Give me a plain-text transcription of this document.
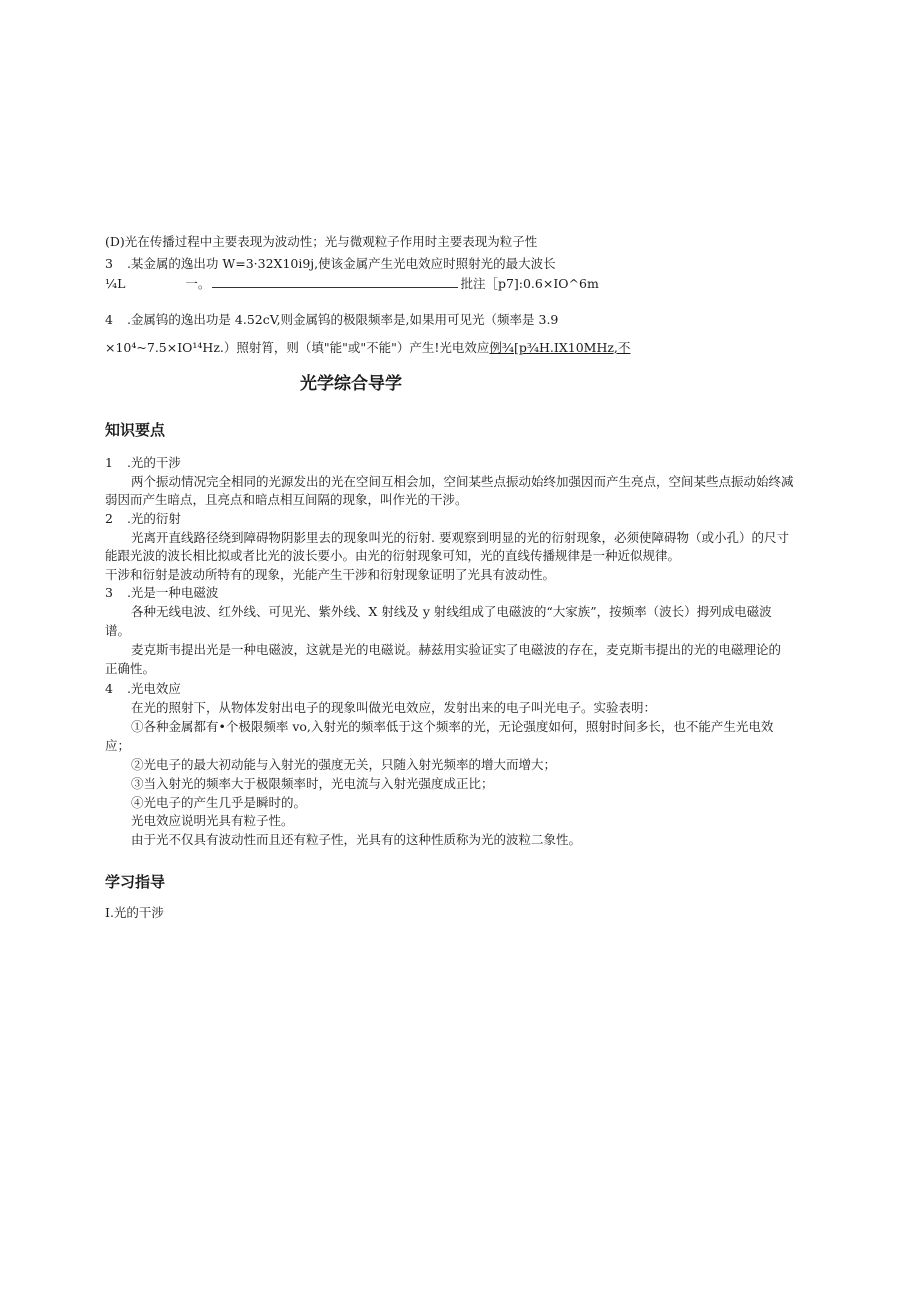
(D)光在传播过程中主要表现为波动性；光与微观粒子作用时主要表现为粒子性
3 .某金属的逸出功 W=3·32X10i9j,使该金属产生光电效应时照射光的最大波长
¼L	一。	批注［p7]:0.6×IO^6m
4 .金属钨的逸出功是 4.52cV,则金属钨的极限频率是,如果用可见光（频率是 3.9
×10⁴~7.5×IO¹⁴Hz.）照射筲，则（填"能"或"不能"）产生!光电效应例¾[p¾H.IX10MHz,不
光学综合导学
知识要点
1 .光的干涉
两个振动情况完全相同的光源发出的光在空间互相会加，空间某些点振动始终加强因而产生亮点，空间某些点振动始终减
弱因而产生暗点，且亮点和暗点相互间隔的现象，叫作光的干涉。
2 .光的衍射
光离开直线路径绕到障碍物阴影里去的现象叫光的衍射. 要观察到明显的光的衍射现象，必须使障碍物（或小孔）的尺寸
能跟光波的波长相比拟或者比光的波长要小。由光的衍射现象可知，光的直线传播规律是一种近似规律。
干涉和衍射是波动所特有的现象，光能产生干涉和衍射现象证明了光具有波动性。
3 .光是一种电磁波
各种无线电波、红外线、可见光、紫外线、X 射线及 y 射线组成了电磁波的“大家族”，按频率（波长）拇列成电磁波
谱。
麦克斯韦提出光是一种电磁波，这就是光的电磁说。赫兹用实验证实了电磁波的存在，麦克斯韦提出的光的电磁理论的
正确性。
4 .光电效应
在光的照射下，从物体发射出电子的现象叫做光电效应，发射出来的电子叫光电子。实验表明：
①各种金属都有•个极限频率 vo,入射光的频率低于这个频率的光，无论强度如何，照射时间多长，也不能产生光电效
应；
②光电子的最大初动能与入射光的强度无关，只随入射光频率的增大而增大；
③当入射光的频率大于极限频率时，光电流与入射光强度成正比；
④光电子的产生几乎是瞬时的。
光电效应说明光具有粒子性。
由于光不仅具有波动性而且还有粒子性，光具有的这种性质称为光的波粒二象性。
学习指导
I.光的干涉
